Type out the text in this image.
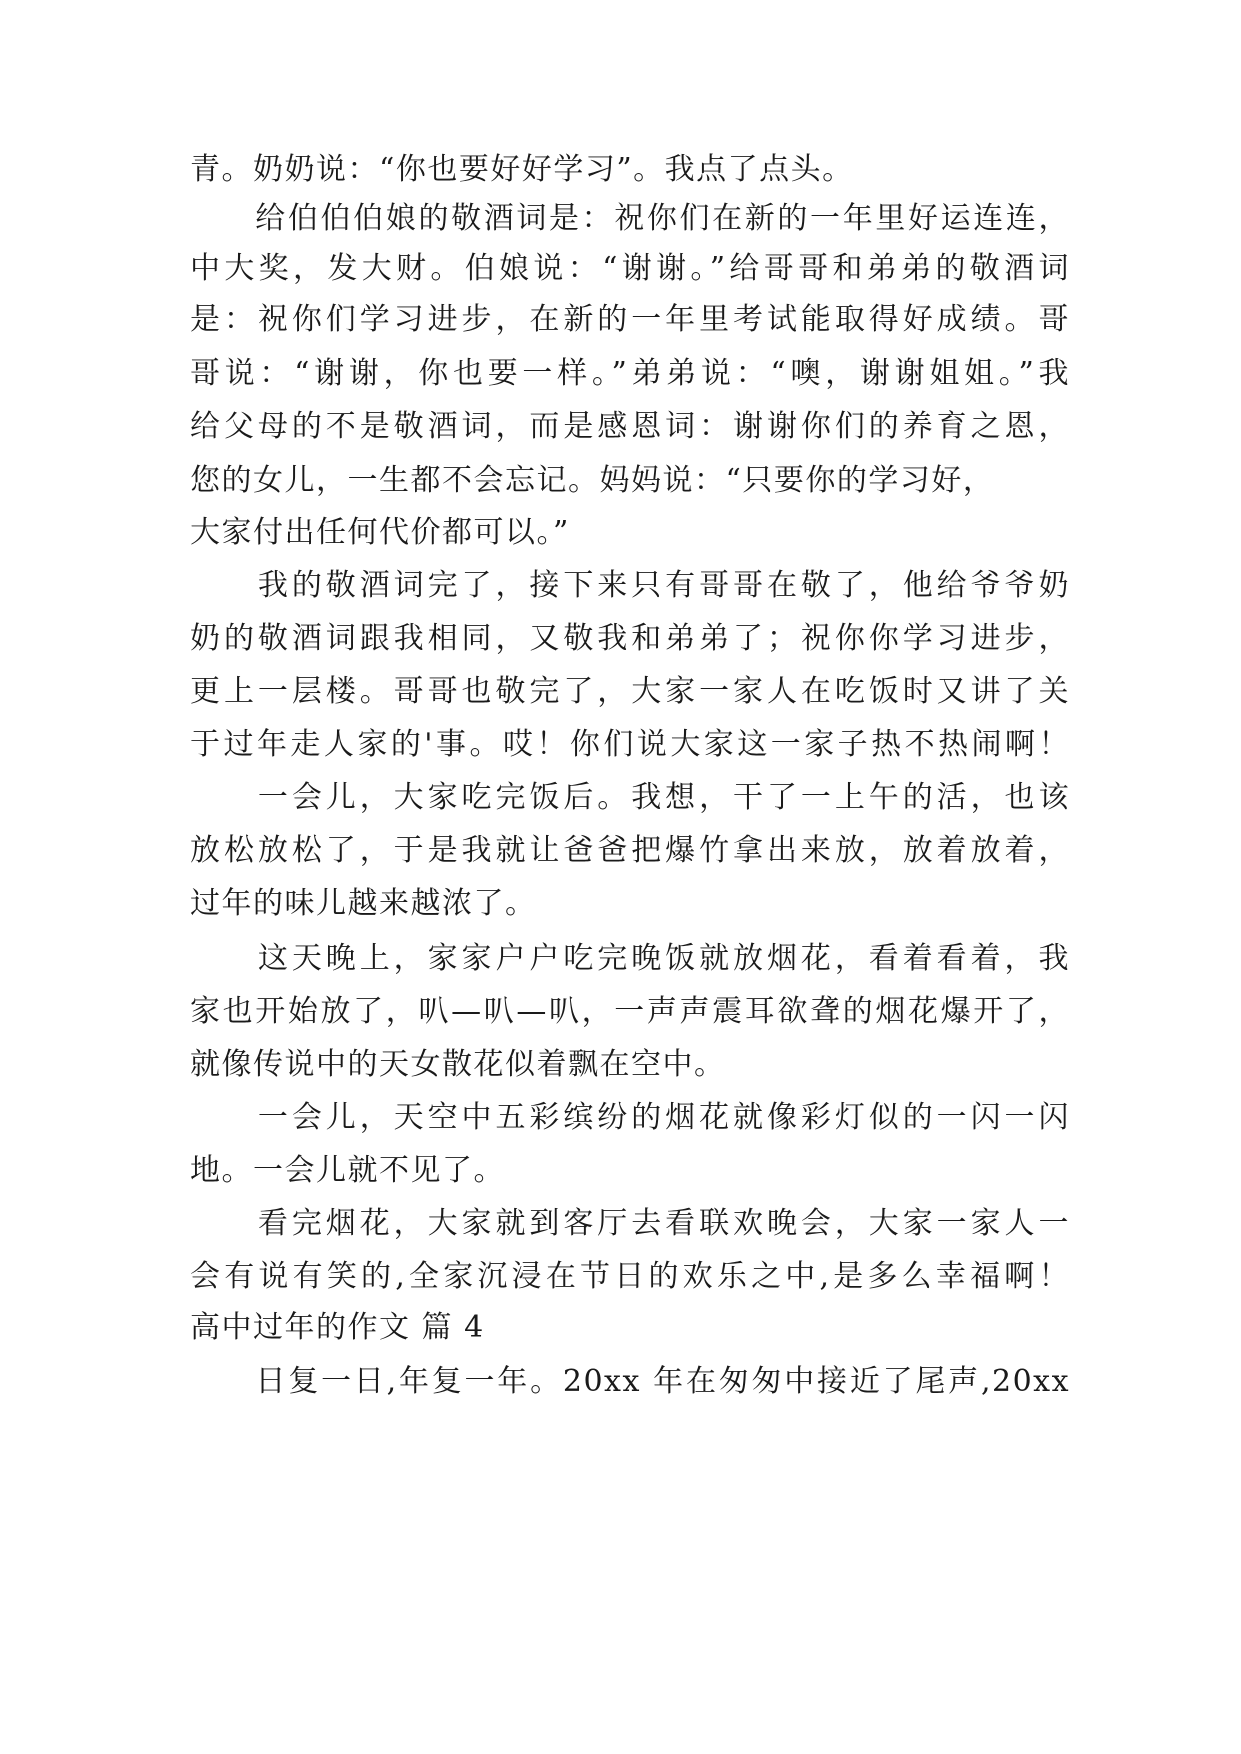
青。奶奶说：“你也要好好学习”。我点了点头。
　　给伯伯伯娘的敬酒词是：祝你们在新的一年里好运连连，
中大奖，发大财。伯娘说：“谢谢。”给哥哥和弟弟的敬酒词
是：祝你们学习进步，在新的一年里考试能取得好成绩。哥
哥说：“谢谢，你也要一样。”弟弟说：“噢，谢谢姐姐。”我
给父母的不是敬酒词，而是感恩词：谢谢你们的养育之恩，
您的女儿，一生都不会忘记。妈妈说：“只要你的学习好，
大家付出任何代价都可以。”
　　我的敬酒词完了，接下来只有哥哥在敬了，他给爷爷奶
奶的敬酒词跟我相同，又敬我和弟弟了；祝你你学习进步，
更上一层楼。哥哥也敬完了，大家一家人在吃饭时又讲了关
于过年走人家的'事。哎！你们说大家这一家子热不热闹啊！
　　一会儿，大家吃完饭后。我想，干了一上午的活，也该
放松放松了，于是我就让爸爸把爆竹拿出来放，放着放着，
过年的味儿越来越浓了。
　　这天晚上，家家户户吃完晚饭就放烟花，看着看着，我
家也开始放了，叭—叭—叭，一声声震耳欲聋的烟花爆开了，
就像传说中的天女散花似着飘在空中。
　　一会儿，天空中五彩缤纷的烟花就像彩灯似的一闪一闪
地。一会儿就不见了。
　　看完烟花，大家就到客厅去看联欢晚会，大家一家人一
会有说有笑的,全家沉浸在节日的欢乐之中,是多么幸福啊！
高中过年的作文 篇 4
　　日复一日,年复一年。20xx 年在匆匆中接近了尾声,20xx
